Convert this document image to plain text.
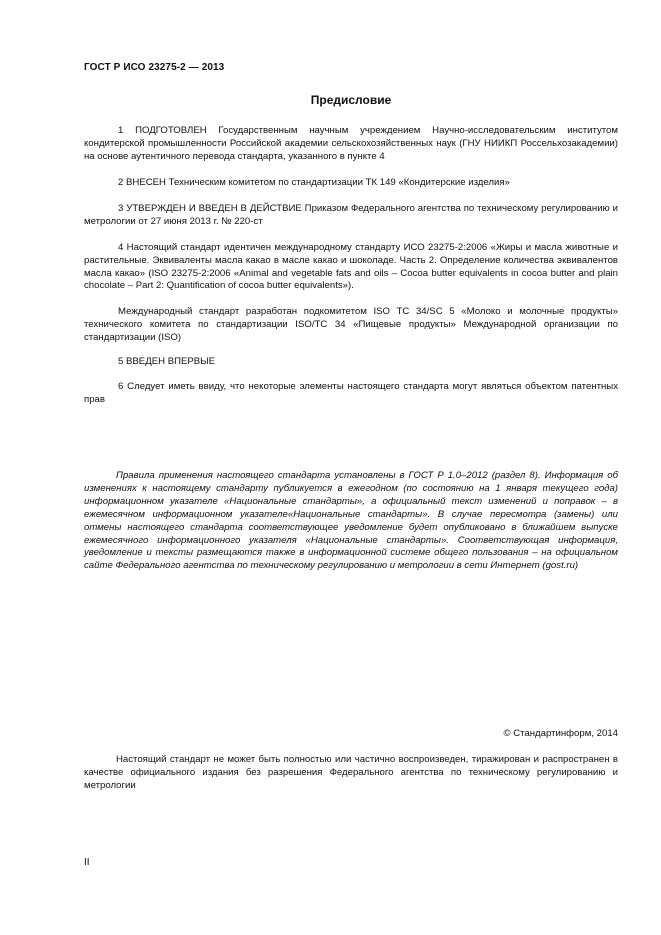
ГОСТ Р ИСО 23275-2 — 2013
Предисловие

1 ПОДГОТОВЛЕН Государственным научным учреждением Научно-исследовательским институтом кондитерской промышленности Российской академии сельскохозяйственных наук (ГНУ НИИКП Россельхозакадемии) на основе аутентичного перевода стандарта, указанного в пункте 4

2 ВНЕСЕН Техническим комитетом по стандартизации ТК 149 «Кондитерские изделия»

3 УТВЕРЖДЕН И ВВЕДЕН В ДЕЙСТВИЕ Приказом Федерального агентства по техническому регулированию и метрологии от 27 июня 2013 г. № 220-ст

4 Настоящий стандарт идентичен международному стандарту ИСО 23275-2:2006 «Жиры и масла животные и растительные. Эквиваленты масла какао в масле какао и шоколаде. Часть 2. Определение количества эквивалентов масла какао» (ISO 23275-2:2006 «Animal and vegetable fats and oils – Cocoa butter equivalents in cocoa butter and plain chocolate – Part 2: Quantification of cocoa butter equivalents»).

Международный стандарт разработан подкомитетом ISO TC 34/SC 5 «Молоко и молочные продукты» технического комитета по стандартизации ISO/TC 34 «Пищевые продукты» Международной организации по стандартизации (ISO)

5 ВВЕДЕН ВПЕРВЫЕ

6 Следует иметь ввиду, что некоторые элементы настоящего стандарта могут являться объектом патентных прав

Правила применения настоящего стандарта установлены в ГОСТ Р 1.0–2012 (раздел 8). Информация об изменениях к настоящему стандарту публикуется в ежегодном (по состоянию на 1 января текущего года) информационном указателе «Национальные стандарты», а официальный текст изменений и поправок – в ежемесячном информационном указателе«Национальные стандарты». В случае пересмотра (замены) или отмены настоящего стандарта соответствующее уведомление будет опубликовано в ближайшем выпуске ежемесячного информационного указателя «Национальные стандарты». Соответствующая информация, уведомление и тексты размещаются также в информационной системе общего пользования – на официальном сайте Федерального агентства по техническому регулированию и метрологии в сети Интернет (gost.ru)

© Стандартинформ, 2014

Настоящий стандарт не может быть полностью или частично воспроизведен, тиражирован и распространен в качестве официального издания без разрешения Федерального агентства по техническому регулированию и метрологии

II
